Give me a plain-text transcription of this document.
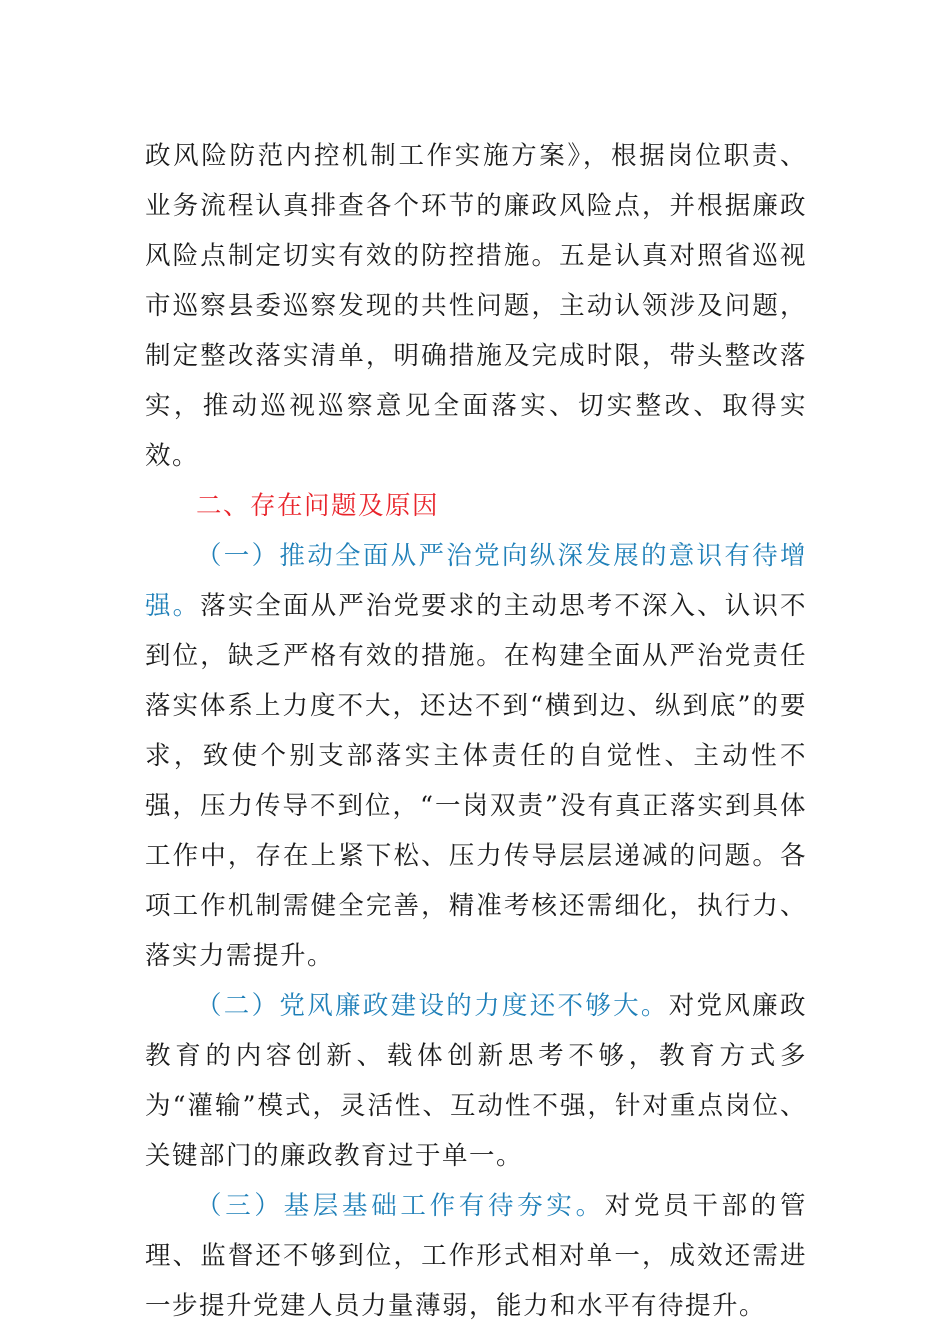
政风险防范内控机制工作实施方案》，根据岗位职责、业务流程认真排查各个环节的廉政风险点，并根据廉政风险点制定切实有效的防控措施。五是认真对照省巡视市巡察县委巡察发现的共性问题，主动认领涉及问题，制定整改落实清单，明确措施及完成时限，带头整改落实，推动巡视巡察意见全面落实、切实整改、取得实效。

二、存在问题及原因

（一）推动全面从严治党向纵深发展的意识有待增强。落实全面从严治党要求的主动思考不深入、认识不到位，缺乏严格有效的措施。在构建全面从严治党责任落实体系上力度不大，还达不到“横到边、纵到底”的要求，致使个别支部落实主体责任的自觉性、主动性不强，压力传导不到位，“一岗双责”没有真正落实到具体工作中，存在上紧下松、压力传导层层递减的问题。各项工作机制需健全完善，精准考核还需细化，执行力、落实力需提升。

（二）党风廉政建设的力度还不够大。对党风廉政教育的内容创新、载体创新思考不够，教育方式多为“灌输”模式，灵活性、互动性不强，针对重点岗位、关键部门的廉政教育过于单一。

（三）基层基础工作有待夯实。对党员干部的管理、监督还不够到位，工作形式相对单一，成效还需进一步提升党建人员力量薄弱，能力和水平有待提升。
